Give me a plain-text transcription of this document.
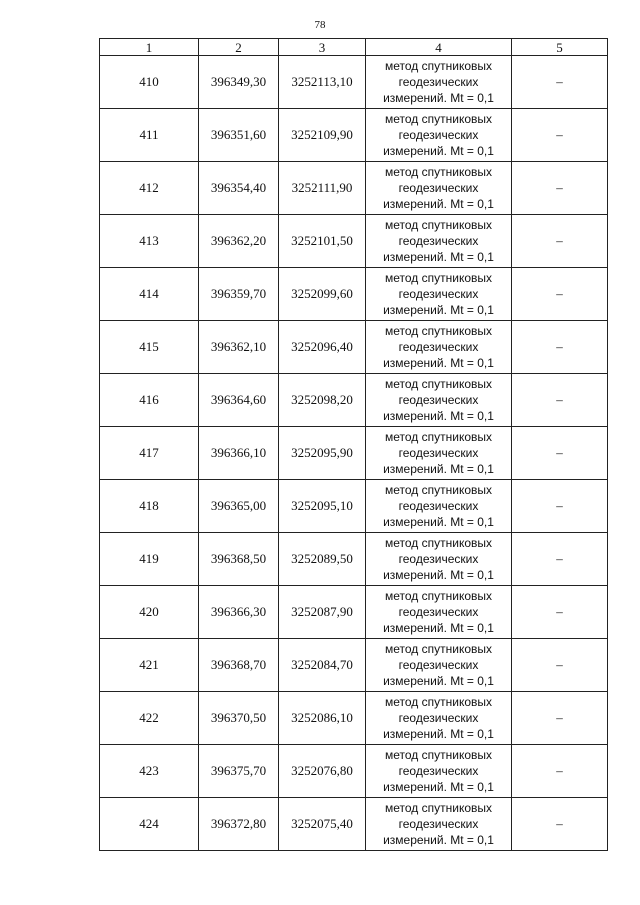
78
1	2	3	4	5
410	396349,30	3252113,10	метод спутниковых
геодезических
измерений. Mt = 0,1	–
411	396351,60	3252109,90	метод спутниковых
геодезических
измерений. Mt = 0,1	–
412	396354,40	3252111,90	метод спутниковых
геодезических
измерений. Mt = 0,1	–
413	396362,20	3252101,50	метод спутниковых
геодезических
измерений. Mt = 0,1	–
414	396359,70	3252099,60	метод спутниковых
геодезических
измерений. Mt = 0,1	–
415	396362,10	3252096,40	метод спутниковых
геодезических
измерений. Mt = 0,1	–
416	396364,60	3252098,20	метод спутниковых
геодезических
измерений. Mt = 0,1	–
417	396366,10	3252095,90	метод спутниковых
геодезических
измерений. Mt = 0,1	–
418	396365,00	3252095,10	метод спутниковых
геодезических
измерений. Mt = 0,1	–
419	396368,50	3252089,50	метод спутниковых
геодезических
измерений. Mt = 0,1	–
420	396366,30	3252087,90	метод спутниковых
геодезических
измерений. Mt = 0,1	–
421	396368,70	3252084,70	метод спутниковых
геодезических
измерений. Mt = 0,1	–
422	396370,50	3252086,10	метод спутниковых
геодезических
измерений. Mt = 0,1	–
423	396375,70	3252076,80	метод спутниковых
геодезических
измерений. Mt = 0,1	–
424	396372,80	3252075,40	метод спутниковых
геодезических
измерений. Mt = 0,1	–
